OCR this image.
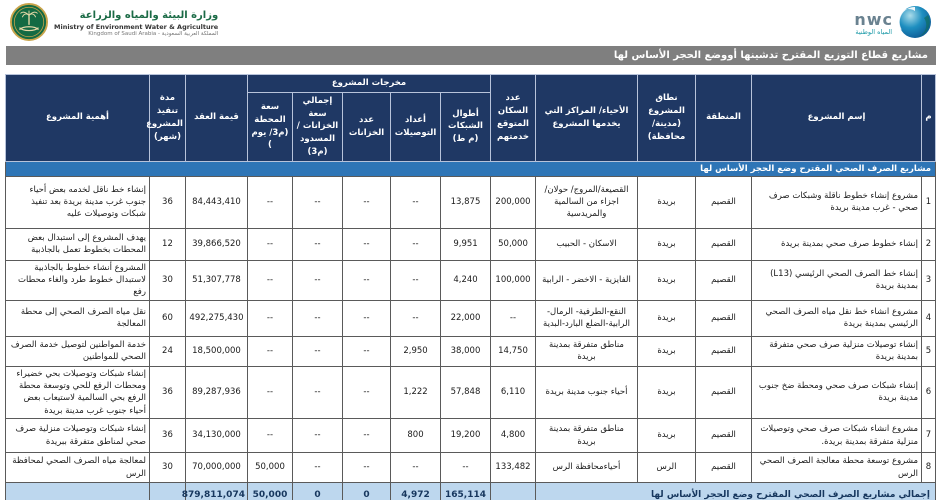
nwc
المياه الوطنية
وزارة البيئة والمياه والزراعة
Ministry of Environment Water & Agriculture
Kingdom of Saudi Arabia - المملكة العربية السعودية
مشاريع قطاع التوزيع المقترح تدشينها أووضع الحجر الأساس لها
م	إسم المشروع	المنطقة	نطاق المشروع (مدينة/ محافظة)	الأحياء/ المراكز التي يخدمها المشروع	عدد السكان المتوقع خدمتهم	مخرجات المشروع					قيمة العقد	مدة تنفيذ المشروع (شهر)	أهمية المشروع
						أطوال الشبكات (م ط)	أعداد التوصيلات	عدد الخزانات	إجمالي سعة الخزانات /المسدود (م3)	سعة المحطة (م3/ يوم )			
مشاريع الصرف الصحي المقترح وضع الحجر الأساس لها													
1	مشروع إنشاء خطوط ناقلة وشبكات صرف صحي - غرب مدينة بريدة	القصيم	بريدة	القصيعة/المروج/ حولان/ اجزاء من السالمية والمريدسية	200,000	13,875	--	--	--	--	84,443,410	36	إنشاء خط ناقل لخدمه بعض أحياء جنوب غرب مدينة بريدة بعد تنفيذ شبكات وتوصيلات عليه
2	إنشاء خطوط صرف صحي بمدينة بريدة	القصيم	بريدة	الاسكان - الحبيب	50,000	9,951	--	--	--	--	39,866,520	12	يهدف المشروع إلى استبدال بعض المحطات بخطوط تعمل بالجاذبية
3	إنشاء خط الصرف الصحي الرئيسي (L13) بمدينة بريدة	القصيم	بريدة	الفايزية - الاخضر - الرابية	100,000	4,240	--	--	--	--	51,307,778	30	المشروع أنشاء خطوط بالجاذبية لاستبدال خطوط طرد والغاء محطات رفع
4	مشروع انشاء خط نقل مياه الصرف الصحي الرئيسي بمدينة بريدة	القصيم	بريدة	النقع-الطرفية- الرمال-الرابية-الضلع البارد-البدية	--	22,000	--	--	--	--	492,275,430	60	نقل مياه الصرف الصحي إلى محطة المعالجة
5	إنشاء توصيلات منزلية صرف صحي متفرقة بمدينة بريدة	القصيم	بريدة	مناطق متفرقة بمدينة بريدة	14,750	38,000	2,950	--	--	--	18,500,000	24	خدمة المواطنين لتوصيل خدمة الصرف الصحي للمواطنين
6	إنشاء شبكات صرف صحي ومحطة ضخ جنوب مدينة بريدة	القصيم	بريدة	أحياء جنوب مدينة بريدة	6,110	57,848	1,222	--	--	--	89,287,936	36	إنشاء شبكات وتوصيلات بحي خضيراء ومحطات الرفع للحي وتوسعة محطة الرفع بحي السالمية لاستيعاب بعض أحياء جنوب غرب مدينة بريدة
7	مشروع انشاء شبكات صرف صحي وتوصيلات منزلية متفرقة بمدينة بريدة.	القصيم	بريدة	مناطق متفرقة بمدينة بريدة	4,800	19,200	800	--	--	--	34,130,000	36	إنشاء شبكات وتوصيلات منزلية صرف صحي لمناطق متفرقة ببريدة
8	مشروع توسعة محطة معالجة الصرف الصحي الرس	القصيم	الرس	أحياءمحافظة الرس	133,482	--	--	--	--	50,000	70,000,000	30	لمعالجة مياه الصرف الصحي لمحافظة الرس
إجمالي مشاريع الصرف الصحي المقترح وضع الحجر الأساس لها						165,114	4,972	0	0	50,000	879,811,074		
